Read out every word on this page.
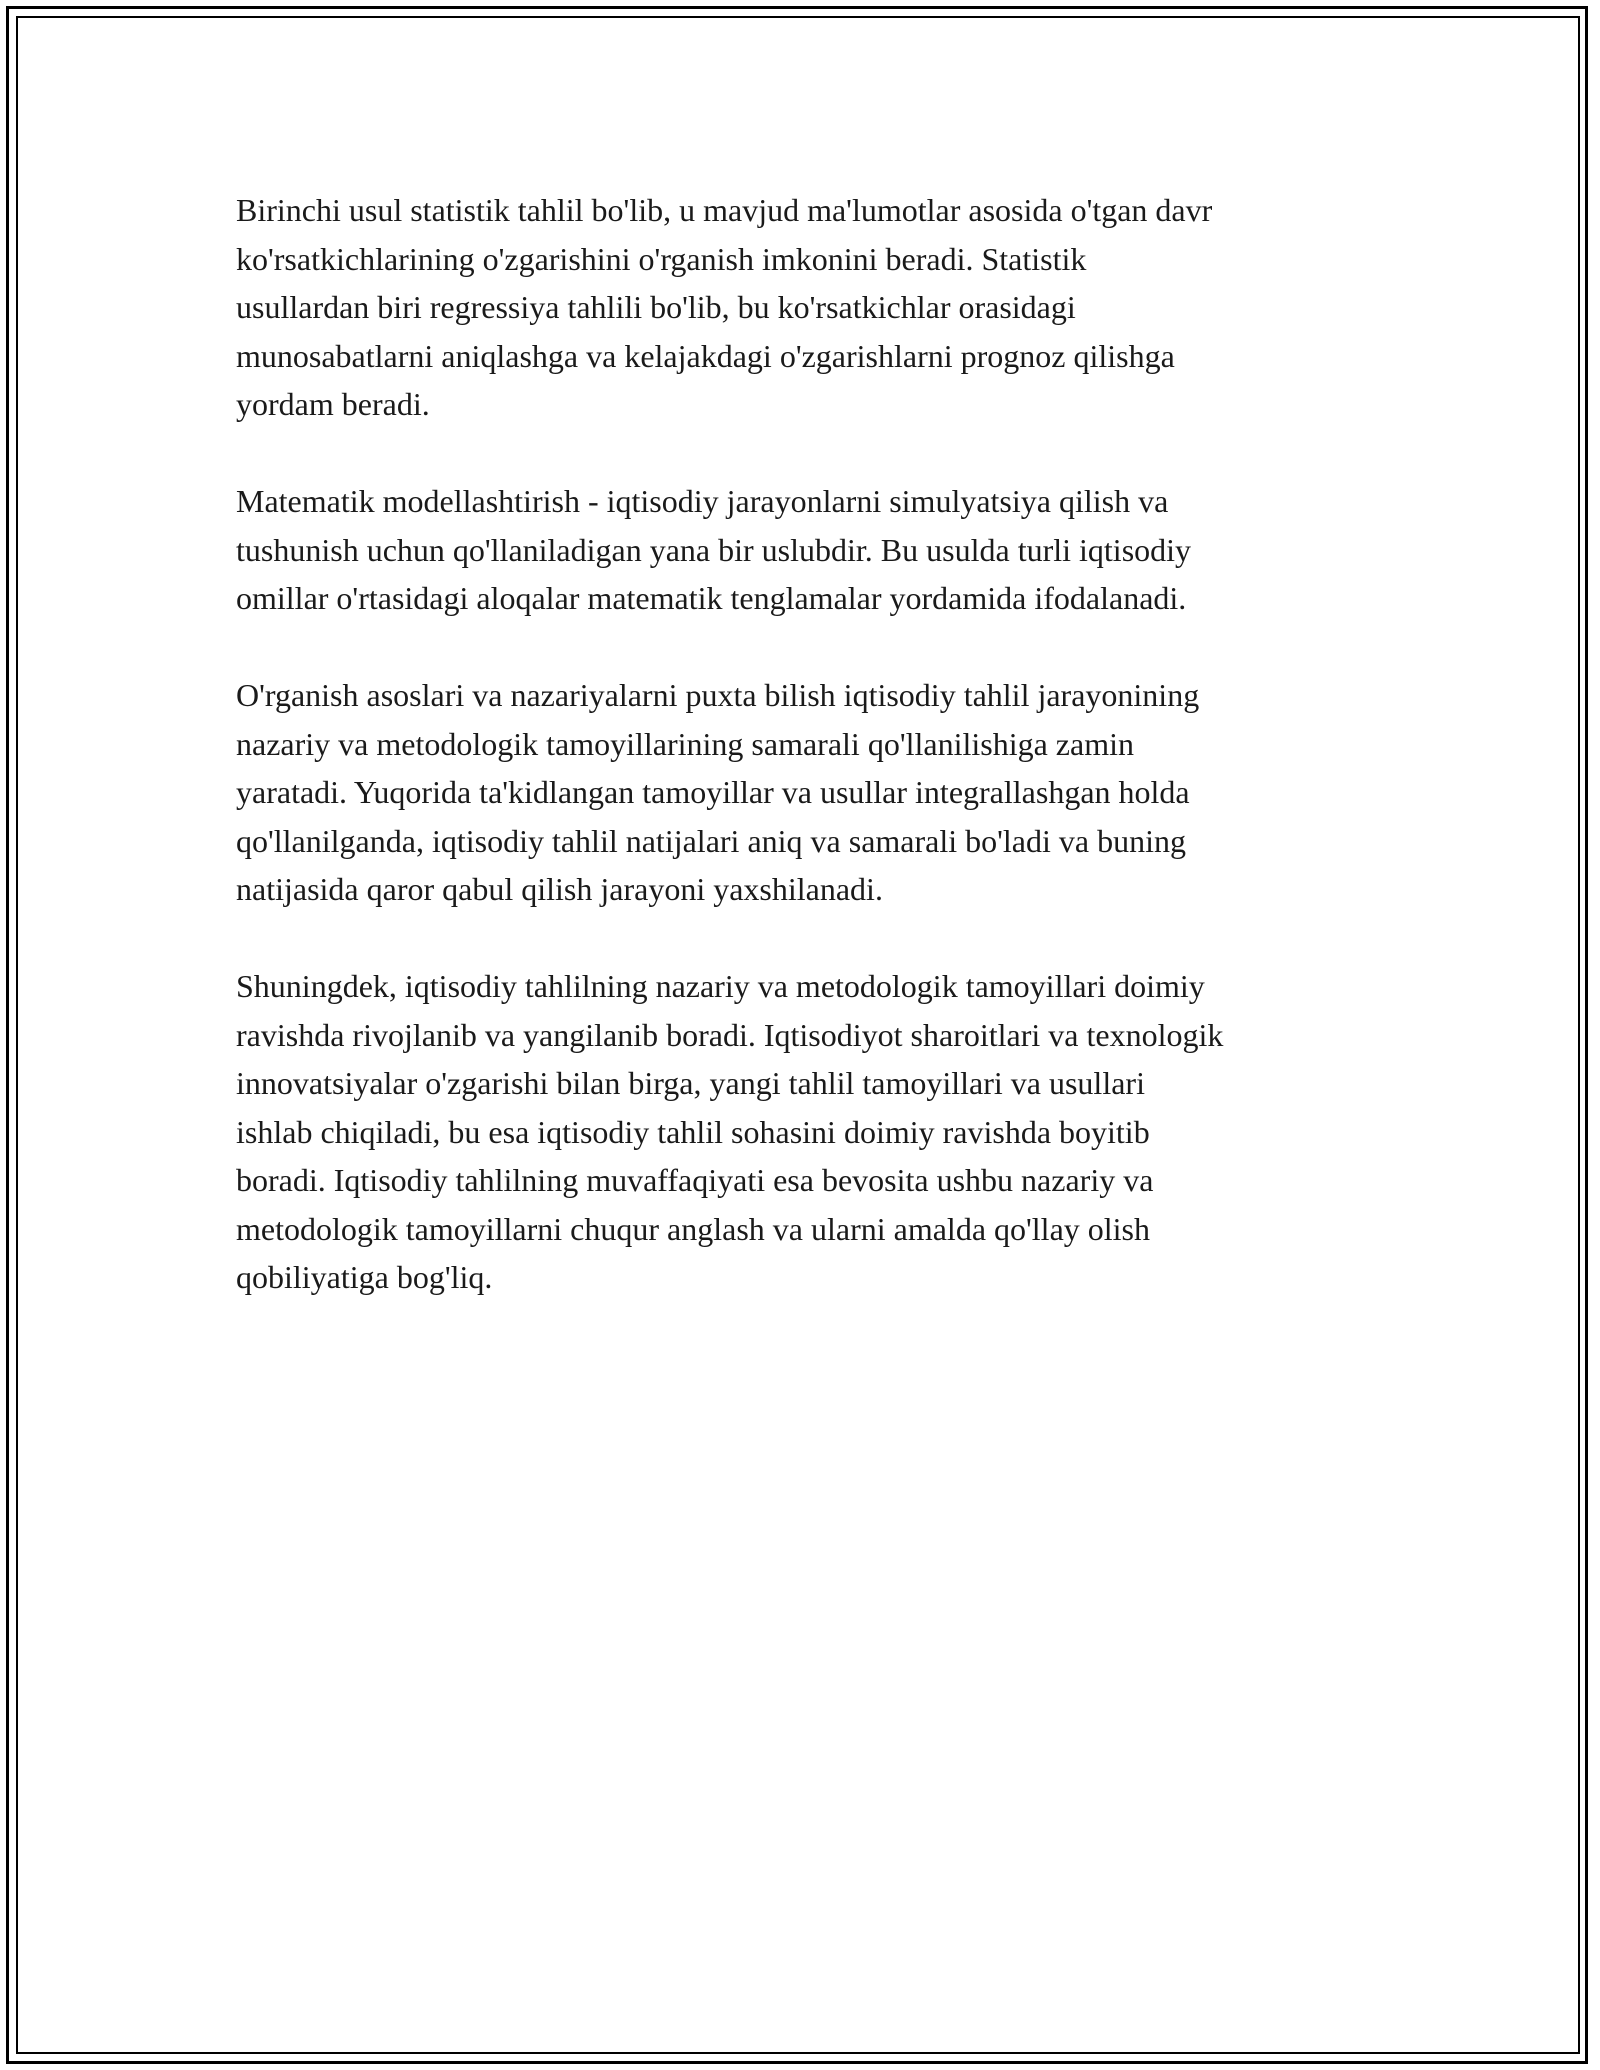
Birinchi usul statistik tahlil bo'lib, u mavjud ma'lumotlar asosida o'tgan davr
ko'rsatkichlarining o'zgarishini o'rganish imkonini beradi. Statistik
usullardan biri regressiya tahlili bo'lib, bu ko'rsatkichlar orasidagi
munosabatlarni aniqlashga va kelajakdagi o'zgarishlarni prognoz qilishga
yordam beradi.

Matematik modellashtirish - iqtisodiy jarayonlarni simulyatsiya qilish va
tushunish uchun qo'llaniladigan yana bir uslubdir. Bu usulda turli iqtisodiy
omillar o'rtasidagi aloqalar matematik tenglamalar yordamida ifodalanadi.

O'rganish asoslari va nazariyalarni puxta bilish iqtisodiy tahlil jarayonining
nazariy va metodologik tamoyillarining samarali qo'llanilishiga zamin
yaratadi. Yuqorida ta'kidlangan tamoyillar va usullar integrallashgan holda
qo'llanilganda, iqtisodiy tahlil natijalari aniq va samarali bo'ladi va buning
natijasida qaror qabul qilish jarayoni yaxshilanadi.

Shuningdek, iqtisodiy tahlilning nazariy va metodologik tamoyillari doimiy
ravishda rivojlanib va yangilanib boradi. Iqtisodiyot sharoitlari va texnologik
innovatsiyalar o'zgarishi bilan birga, yangi tahlil tamoyillari va usullari
ishlab chiqiladi, bu esa iqtisodiy tahlil sohasini doimiy ravishda boyitib
boradi. Iqtisodiy tahlilning muvaffaqiyati esa bevosita ushbu nazariy va
metodologik tamoyillarni chuqur anglash va ularni amalda qo'llay olish
qobiliyatiga bog'liq.
